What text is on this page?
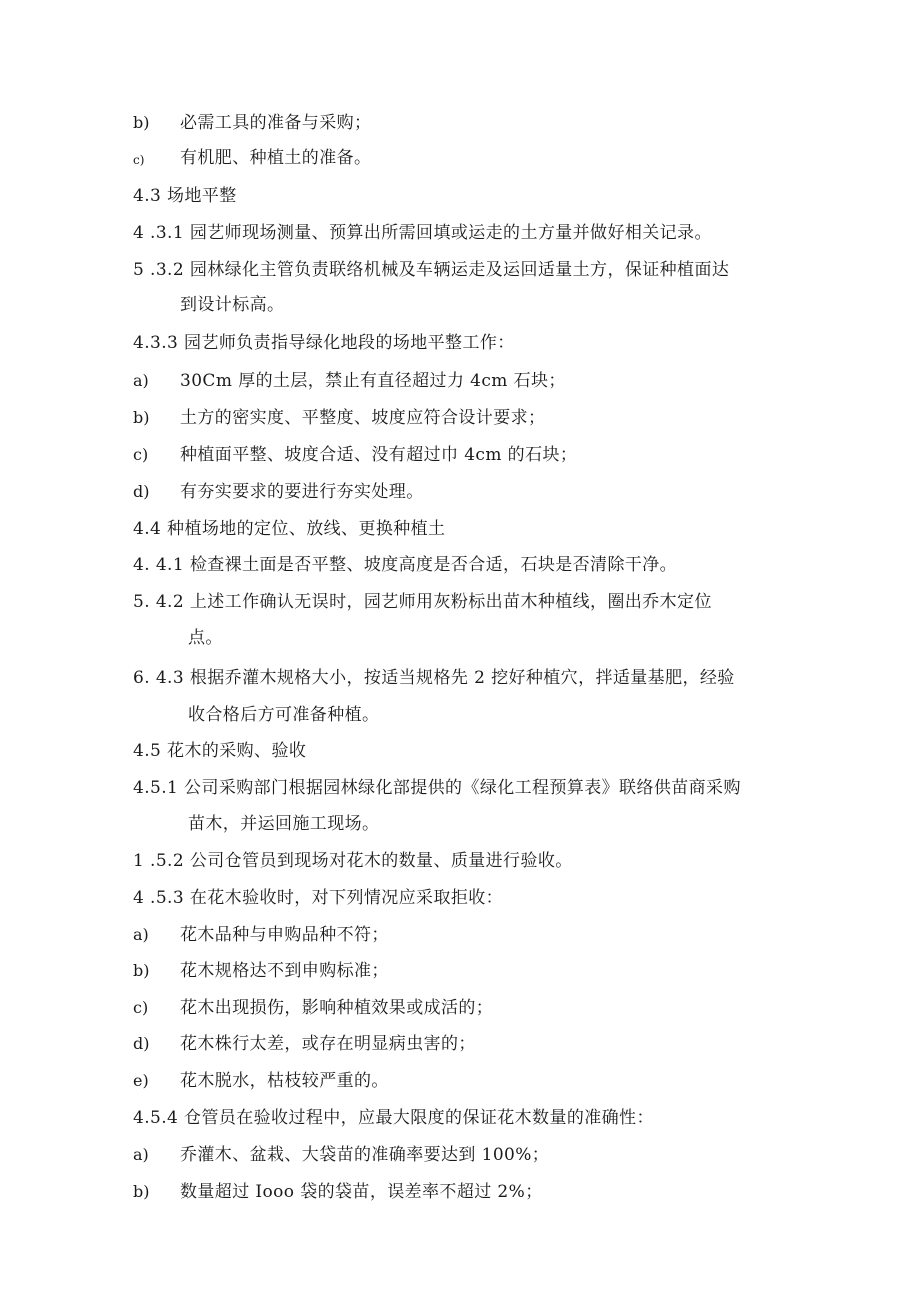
b) 必需工具的准备与采购；
c) 有机肥、种植土的准备。
4.3 场地平整
4 .3.1 园艺师现场测量、预算出所需回填或运走的土方量并做好相关记录。
5 .3.2 园林绿化主管负责联络机械及车辆运走及运回适量土方，保证种植面达
到设计标高。
4.3.3 园艺师负责指导绿化地段的场地平整工作：
a) 30Cm 厚的土层，禁止有直径超过力 4cm 石块；
b) 土方的密实度、平整度、坡度应符合设计要求；
c) 种植面平整、坡度合适、没有超过巾 4cm 的石块；
d) 有夯实要求的要进行夯实处理。
4.4 种植场地的定位、放线、更换种植土
4. 4.1 检查裸土面是否平整、坡度高度是否合适，石块是否清除干净。
5. 4.2 上述工作确认无误时，园艺师用灰粉标出苗木种植线，圈出乔木定位
点。
6. 4.3 根据乔灌木规格大小，按适当规格先 2 挖好种植穴，拌适量基肥，经验
收合格后方可准备种植。
4.5 花木的采购、验收
4.5.1 公司采购部门根据园林绿化部提供的《绿化工程预算表》联络供苗商采购
苗木，并运回施工现场。
1 .5.2 公司仓管员到现场对花木的数量、质量进行验收。
4 .5.3 在花木验收时，对下列情况应采取拒收：
a) 花木品种与申购品种不符；
b) 花木规格达不到申购标准；
c) 花木出现损伤，影响种植效果或成活的；
d) 花木株行太差，或存在明显病虫害的；
e) 花木脱水，枯枝较严重的。
4.5.4 仓管员在验收过程中，应最大限度的保证花木数量的准确性：
a) 乔灌木、盆栽、大袋苗的准确率要达到 100%；
b) 数量超过 Iooo 袋的袋苗，误差率不超过 2%；
